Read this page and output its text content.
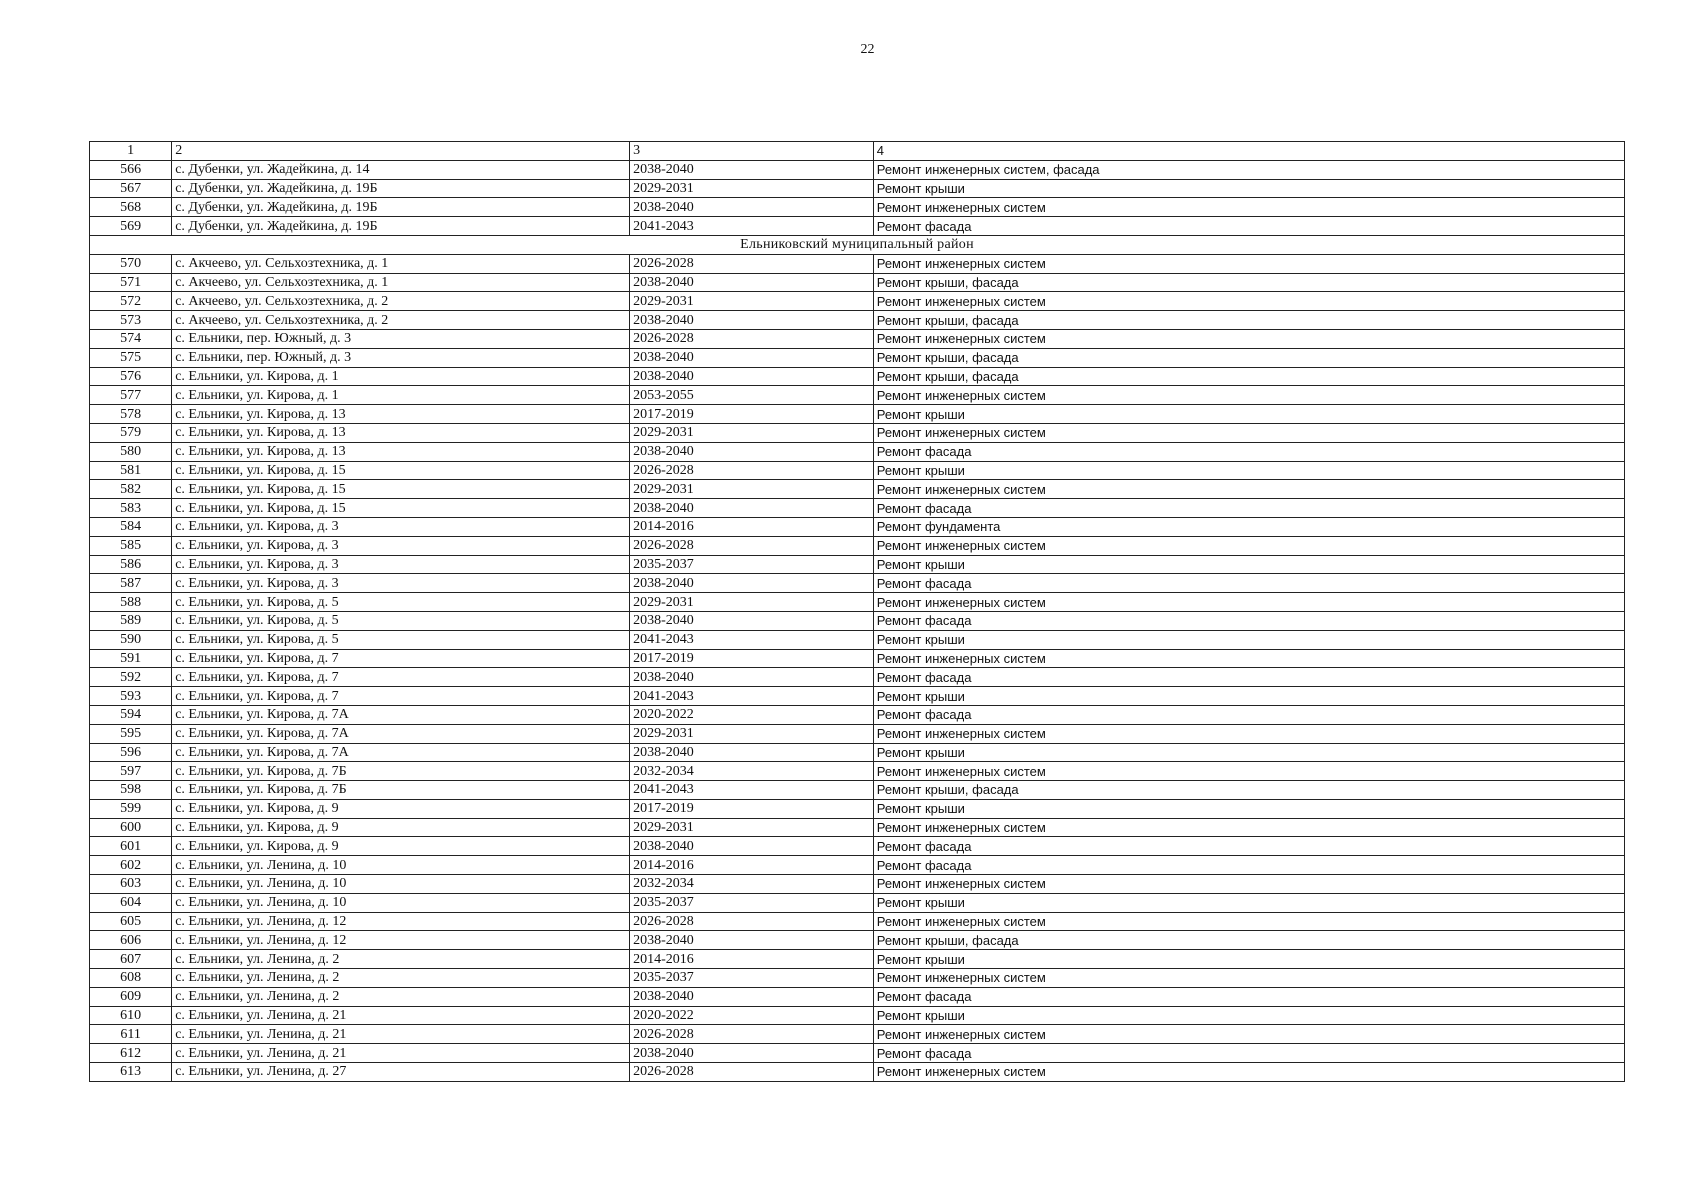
22
1	2	3	4
566	с. Дубенки, ул. Жадейкина, д. 14	2038-2040	Ремонт инженерных систем, фасада
567	с. Дубенки, ул. Жадейкина, д. 19Б	2029-2031	Ремонт крыши
568	с. Дубенки, ул. Жадейкина, д. 19Б	2038-2040	Ремонт инженерных систем
569	с. Дубенки, ул. Жадейкина, д. 19Б	2041-2043	Ремонт фасада
Ельниковский муниципальный район			
570	с. Акчеево, ул. Сельхозтехника, д. 1	2026-2028	Ремонт инженерных систем
571	с. Акчеево, ул. Сельхозтехника, д. 1	2038-2040	Ремонт крыши, фасада
572	с. Акчеево, ул. Сельхозтехника, д. 2	2029-2031	Ремонт инженерных систем
573	с. Акчеево, ул. Сельхозтехника, д. 2	2038-2040	Ремонт крыши, фасада
574	с. Ельники, пер. Южный, д. 3	2026-2028	Ремонт инженерных систем
575	с. Ельники, пер. Южный, д. 3	2038-2040	Ремонт крыши, фасада
576	с. Ельники, ул. Кирова, д. 1	2038-2040	Ремонт крыши, фасада
577	с. Ельники, ул. Кирова, д. 1	2053-2055	Ремонт инженерных систем
578	с. Ельники, ул. Кирова, д. 13	2017-2019	Ремонт крыши
579	с. Ельники, ул. Кирова, д. 13	2029-2031	Ремонт инженерных систем
580	с. Ельники, ул. Кирова, д. 13	2038-2040	Ремонт фасада
581	с. Ельники, ул. Кирова, д. 15	2026-2028	Ремонт крыши
582	с. Ельники, ул. Кирова, д. 15	2029-2031	Ремонт инженерных систем
583	с. Ельники, ул. Кирова, д. 15	2038-2040	Ремонт фасада
584	с. Ельники, ул. Кирова, д. 3	2014-2016	Ремонт фундамента
585	с. Ельники, ул. Кирова, д. 3	2026-2028	Ремонт инженерных систем
586	с. Ельники, ул. Кирова, д. 3	2035-2037	Ремонт крыши
587	с. Ельники, ул. Кирова, д. 3	2038-2040	Ремонт фасада
588	с. Ельники, ул. Кирова, д. 5	2029-2031	Ремонт инженерных систем
589	с. Ельники, ул. Кирова, д. 5	2038-2040	Ремонт фасада
590	с. Ельники, ул. Кирова, д. 5	2041-2043	Ремонт крыши
591	с. Ельники, ул. Кирова, д. 7	2017-2019	Ремонт инженерных систем
592	с. Ельники, ул. Кирова, д. 7	2038-2040	Ремонт фасада
593	с. Ельники, ул. Кирова, д. 7	2041-2043	Ремонт крыши
594	с. Ельники, ул. Кирова, д. 7А	2020-2022	Ремонт фасада
595	с. Ельники, ул. Кирова, д. 7А	2029-2031	Ремонт инженерных систем
596	с. Ельники, ул. Кирова, д. 7А	2038-2040	Ремонт крыши
597	с. Ельники, ул. Кирова, д. 7Б	2032-2034	Ремонт инженерных систем
598	с. Ельники, ул. Кирова, д. 7Б	2041-2043	Ремонт крыши, фасада
599	с. Ельники, ул. Кирова, д. 9	2017-2019	Ремонт крыши
600	с. Ельники, ул. Кирова, д. 9	2029-2031	Ремонт инженерных систем
601	с. Ельники, ул. Кирова, д. 9	2038-2040	Ремонт фасада
602	с. Ельники, ул. Ленина, д. 10	2014-2016	Ремонт фасада
603	с. Ельники, ул. Ленина, д. 10	2032-2034	Ремонт инженерных систем
604	с. Ельники, ул. Ленина, д. 10	2035-2037	Ремонт крыши
605	с. Ельники, ул. Ленина, д. 12	2026-2028	Ремонт инженерных систем
606	с. Ельники, ул. Ленина, д. 12	2038-2040	Ремонт крыши, фасада
607	с. Ельники, ул. Ленина, д. 2	2014-2016	Ремонт крыши
608	с. Ельники, ул. Ленина, д. 2	2035-2037	Ремонт инженерных систем
609	с. Ельники, ул. Ленина, д. 2	2038-2040	Ремонт фасада
610	с. Ельники, ул. Ленина, д. 21	2020-2022	Ремонт крыши
611	с. Ельники, ул. Ленина, д. 21	2026-2028	Ремонт инженерных систем
612	с. Ельники, ул. Ленина, д. 21	2038-2040	Ремонт фасада
613	с. Ельники, ул. Ленина, д. 27	2026-2028	Ремонт инженерных систем
